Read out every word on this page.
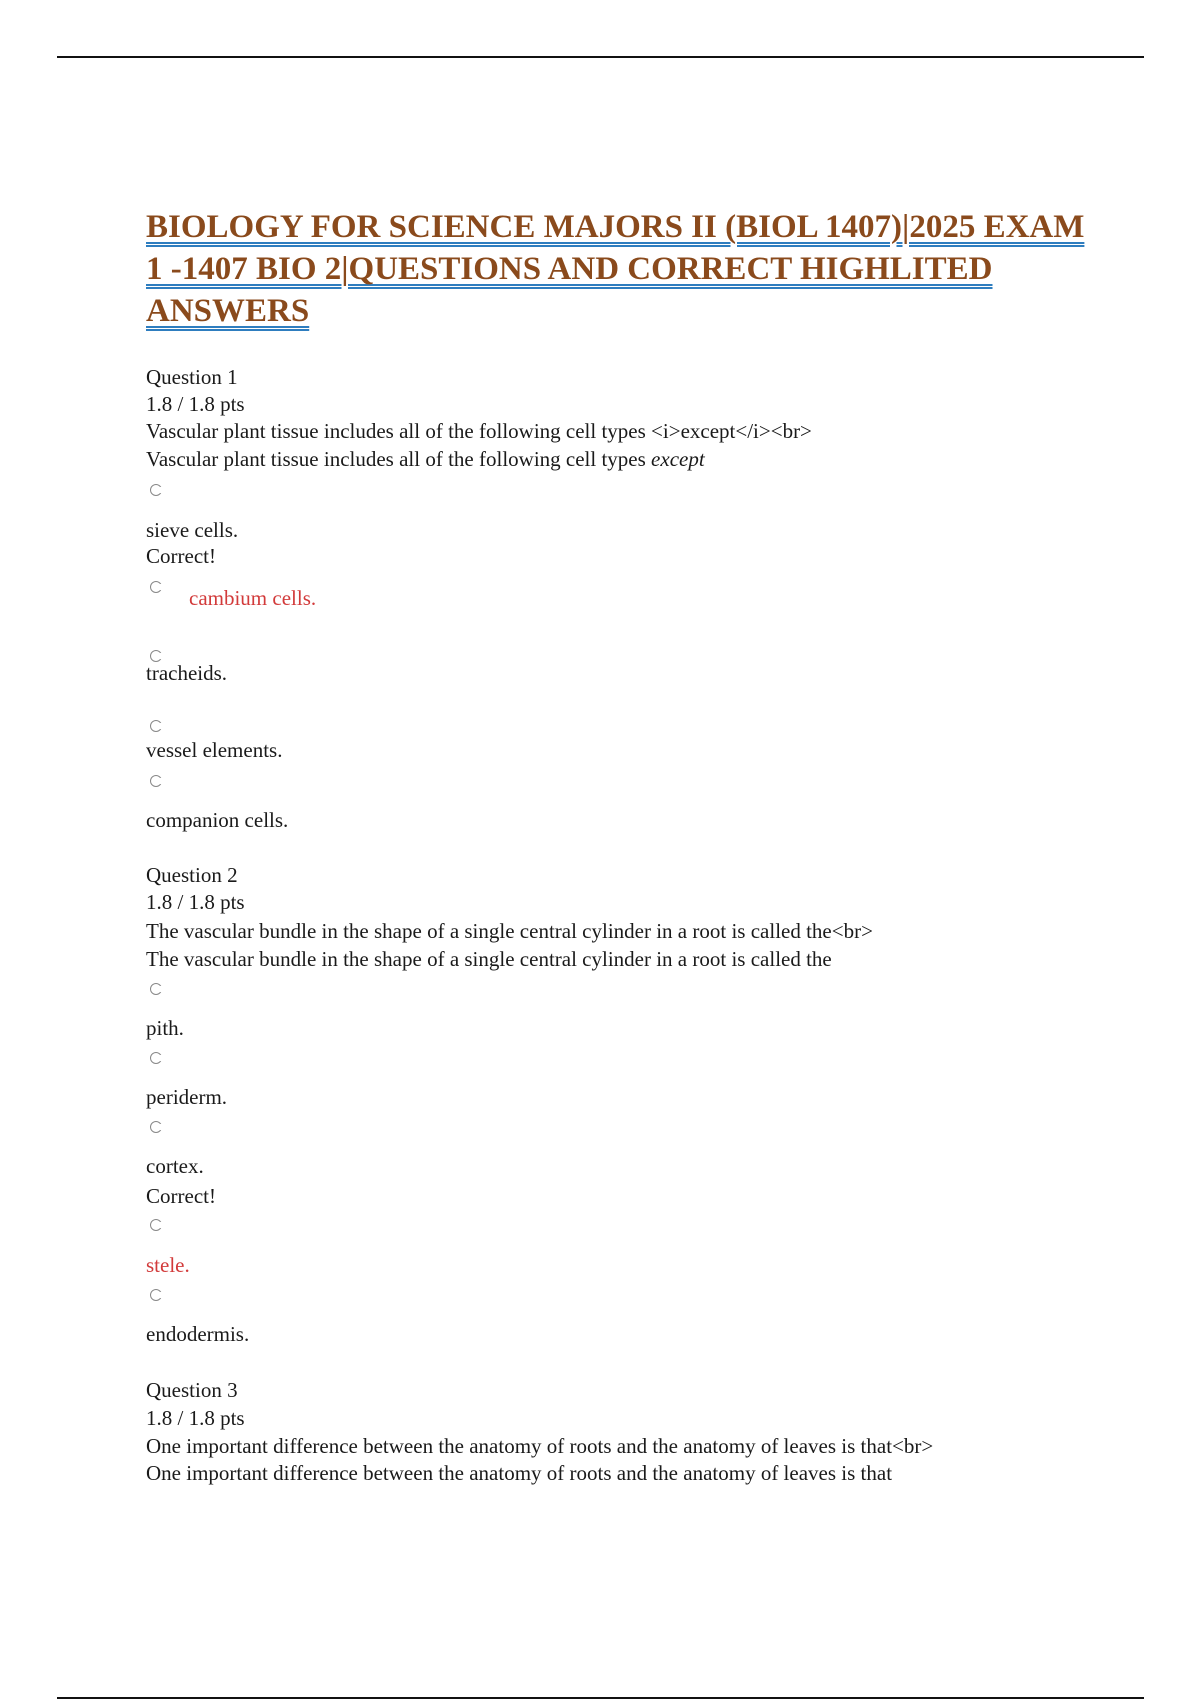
BIOLOGY FOR SCIENCE MAJORS II (BIOL 1407)|2025 EXAM 1 -1407 BIO 2|QUESTIONS AND CORRECT HIGHLITED ANSWERS
Question 1
1.8 / 1.8 pts
Vascular plant tissue includes all of the following cell types <i>except</i><br>
Vascular plant tissue includes all of the following cell types except
sieve cells.
Correct!
cambium cells.
tracheids.
vessel elements.
companion cells.
Question 2
1.8 / 1.8 pts
The vascular bundle in the shape of a single central cylinder in a root is called the<br>
The vascular bundle in the shape of a single central cylinder in a root is called the
pith.
periderm.
cortex.
Correct!
stele.
endodermis.
Question 3
1.8 / 1.8 pts
One important difference between the anatomy of roots and the anatomy of leaves is that<br>
One important difference between the anatomy of roots and the anatomy of leaves is that
